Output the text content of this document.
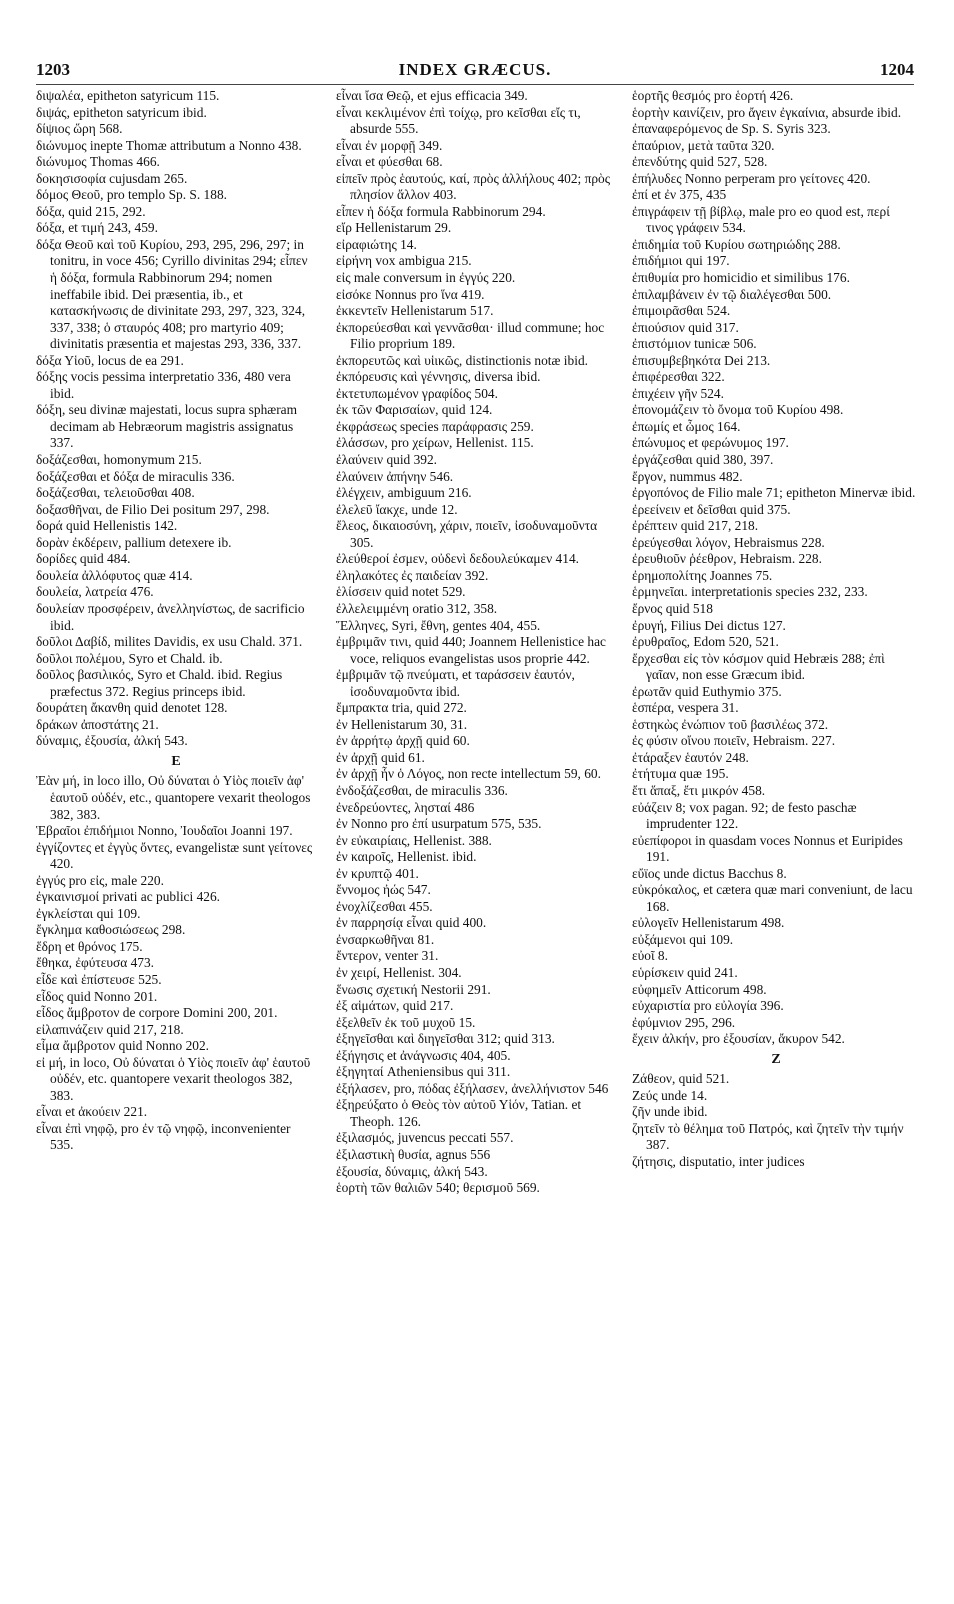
1203	INDEX GRÆCUS.	1204

διψαλέα, epitheton satyricum 115.

διψάς, epitheton satyricum ibid.

δίψιος ὥρη 568.

διώνυμος inepte Thomæ attributum a Nonno 438.

διώνυμος Thomas 466.

δοκησισοφία cujusdam 265.

δόμος Θεοῦ, pro templo Sp. S. 188.

δόξα, quid 215, 292.

δόξα, et τιμή 243, 459.

δόξα Θεοῦ καὶ τοῦ Κυρίου, 293, 295, 296, 297; in tonitru, in voce 456; Cyrillo divinitas 294; εἶπεν ἡ δόξα, formula Rabbinorum 294; nomen ineffabile ibid. Dei præsentia, ib., et κατασκήνωσις de divinitate 293, 297, 323, 324, 337, 338; ὁ σταυρός 408; pro martyrio 409; divinitatis præsentia et majestas 293, 336, 337.

δόξα Υἱοῦ, locus de ea 291.

δόξης vocis pessima interpretatio 336, 480 vera ibid.

δόξη, seu divinæ majestati, locus supra sphæram decimam ab Hebræorum magistris assignatus 337.

δοξάζεσθαι, homonymum 215.

δοξάζεσθαι et δόξα de miraculis 336.

δοξάζεσθαι, τελειοῦσθαι 408.

δοξασθῆναι, de Filio Dei positum 297, 298.

δορά quid Hellenistis 142.

δορὰν ἐκδέρειν, pallium detexere ib.

δορίδες quid 484.

δουλεία ἀλλόφυτος quæ 414.

δουλεία, λατρεία 476.

δουλείαν προσφέρειν, ἀνελληνίστως, de sacrificio ibid.

δοῦλοι Δαβίδ, milites Davidis, ex usu Chald. 371.

δοῦλοι πολέμου, Syro et Chald. ib.

δοῦλος βασιλικός, Syro et Chald. ibid. Regius præfectus 372. Regius princeps ibid.

δουράτεη ἄκανθη quid denotet 128.

δράκων ἀποστάτης 21.

δύναμις, ἐξουσία, ἀλκή 543.

E

Ἐὰν μή, in loco illo, Οὐ δύναται ὁ Υἱὸς ποιεῖν ἀφ' ἑαυτοῦ οὐδέν, etc., quantopere vexarit theologos 382, 383.

Ἑβραῖοι ἐπιδήμιοι Nonno, Ἰουδαῖοι Joanni 197.

ἐγγίζοντες et ἐγγὺς ὄντες, evangelistæ sunt γείτονες 420.

ἐγγύς pro εἰς, male 220.

ἐγκαινισμοί privati ac publici 426.

ἐγκλείσται qui 109.

ἔγκλημα καθοσιώσεως 298.

ἕδρη et θρόνος 175.

ἔθηκα, ἐφύτευσα 473.

εἶδε καὶ ἐπίστευσε 525.

εἶδος quid Nonno 201.

εἶδος ἄμβροτον de corpore Domini 200, 201.

εἰλαπινάζειν quid 217, 218.

εἷμα ἄμβροτον quid Nonno 202.

εἰ μή, in loco, Οὐ δύναται ὁ Υἱὸς ποιεῖν ἀφ' ἑαυτοῦ οὐδέν, etc. quantopere vexarit theologos 382, 383.

εἶναι et ἀκούειν 221.

εἶναι ἐπὶ νηφῷ, pro ἐν τῷ νηφῷ, inconvenienter 535.

εἶναι ἴσα Θεῷ, et ejus efficacia 349.

εἶναι κεκλιμένον ἐπὶ τοίχῳ, pro κεῖσθαι εἴς τι, absurde 555.

εἶναι ἐν μορφῇ 349.

εἶναι et φύεσθαι 68.

εἰπεῖν πρὸς ἑαυτούς, καί, πρὸς ἀλλήλους 402; πρὸς πλησίον ἄλλον 403.

εἶπεν ἡ δόξα formula Rabbinorum 294.

εἴρ Hellenistarum 29.

εἰραφιώτης 14.

εἰρήνη vox ambigua 215.

εἰς male conversum in ἐγγύς 220.

εἰσόκε Nonnus pro ἵνα 419.

ἐκκεντεῖν Hellenistarum 517.

ἐκπορεύεσθαι καὶ γεννᾶσθαι· illud commune; hoc Filio proprium 189.

ἐκπορευτῶς καὶ υἱικῶς, distinctionis notæ ibid.

ἐκπόρευσις καὶ γέννησις, diversa ibid.

ἐκτετυπωμένον γραφίδος 504.

ἐκ τῶν Φαρισαίων, quid 124.

ἐκφράσεως species παράφρασις 259.

ἐλάσσων, pro χείρων, Hellenist. 115.

ἐλαύνειν quid 392.

ἐλαύνειν ἀπήνην 546.

ἐλέγχειν, ambiguum 216.

ἐλελεῦ ἴακχε, unde 12.

ἔλεος, δικαιοσύνη, χάριν, ποιεῖν, ἰσοδυναμοῦντα 305.

ἐλεύθεροί ἐσμεν, οὐδενὶ δεδουλεύκαμεν 414.

ἐληλακότες ἐς παιδείαν 392.

ἑλίσσειν quid notet 529.

ἐλλελειμμένη oratio 312, 358.

Ἕλληνες, Syri, ἔθνη, gentes 404, 455.

ἐμβριμᾶν τινι, quid 440; Joannem Hellenistice hac voce, reliquos evangelistas usos proprie 442.

ἐμβριμᾶν τῷ πνεύματι, et ταράσσειν ἑαυτόν, ἰσοδυναμοῦντα ibid.

ἔμπρακτα tria, quid 272.

ἐν Hellenistarum 30, 31.

ἐν ἀρρήτῳ ἀρχῇ quid 60.

ἐν ἀρχῇ quid 61.

ἐν ἀρχῇ ἦν ὁ Λόγος, non recte intellectum 59, 60.

ἐνδοξάζεσθαι, de miraculis 336.

ἐνεδρεύοντες, λησταί 486

ἐν Nonno pro ἐπί usurpatum 575, 535.

ἐν εὐκαιρίαις, Hellenist. 388.

ἐν καιροῖς, Hellenist. ibid.

ἐν κρυπτῷ 401.

ἔννομος ἠώς 547.

ἐνοχλίζεσθαι 455.

ἐν παρρησίᾳ εἶναι quid 400.

ἐνσαρκωθῆναι 81.

ἔντερον, venter 31.

ἐν χειρί, Hellenist. 304.

ἕνωσις σχετική Nestorii 291.

ἐξ αἱμάτων, quid 217.

ἐξελθεῖν ἐκ τοῦ μυχοῦ 15.

ἐξηγεῖσθαι καὶ διηγεῖσθαι 312; quid 313.

ἐξήγησις et ἀνάγνωσις 404, 405.

ἐξηγηταί Atheniensibus qui 311.

ἐξήλασεν, pro, πόδας ἐξήλασεν, ἀνελλήνιστον 546

ἐξηρεύξατο ὁ Θεὸς τὸν αὐτοῦ Υἱόν, Tatian. et Theoph. 126.

ἐξιλασμός, juvencus peccati 557.

ἐξιλαστικὴ θυσία, agnus 556

ἐξουσία, δύναμις, ἀλκή 543.

ἑορτὴ τῶν θαλιῶν 540; θερισμοῦ 569.

ἑορτῆς θεσμός pro ἑορτή 426.

ἑορτὴν καινίζειν, pro ἄγειν ἐγκαίνια, absurde ibid.

ἐπαναφερόμενος de Sp. S. Syris 323.

ἐπαύριον, μετὰ ταῦτα 320.

ἐπενδύτης quid 527, 528.

ἐπήλυδες Nonno perperam pro γείτονες 420.

ἐπί et ἐν 375, 435

ἐπιγράφειν τῇ βίβλῳ, male pro eo quod est, περί τινος γράφειν 534.

ἐπιδημία τοῦ Κυρίου σωτηριώδης 288.

ἐπιδήμιοι qui 197.

ἐπιθυμία pro homicidio et similibus 176.

ἐπιλαμβάνειν ἐν τῷ διαλέγεσθαι 500.

ἐπιμοιρᾶσθαι 524.

ἐπιούσιον quid 317.

ἐπιστόμιον tunicæ 506.

ἐπισυμβεβηκότα Dei 213.

ἐπιφέρεσθαι 322.

ἐπιχέειν γῆν 524.

ἐπονομάζειν τὸ ὄνομα τοῦ Κυρίου 498.

ἐπωμίς et ὦμος 164.

ἐπώνυμος et φερώνυμος 197.

ἐργάζεσθαι quid 380, 397.

ἔργον, nummus 482.

ἐργοπόνος de Filio male 71; epitheton Minervæ ibid.

ἐρεείνειν et δεῖσθαι quid 375.

ἐρέπτειν quid 217, 218.

ἐρεύγεσθαι λόγον, Hebraismus 228.

ἐρευθιοῦν ῥέεθρον, Hebraism. 228.

ἐρημοπολίτης Joannes 75.

ἑρμηνεῖαι. interpretationis species 232, 233.

ἔρνος quid 518

ἐρυγή, Filius Dei dictus 127.

ἐρυθραῖος, Edom 520, 521.

ἔρχεσθαι εἰς τὸν κόσμον quid Hebræis 288; ἐπὶ γαῖαν, non esse Græcum ibid.

ἐρωτᾶν quid Euthymio 375.

ἑσπέρα, vespera 31.

ἑστηκὼς ἐνώπιον τοῦ βασιλέως 372.

ἐς φύσιν οἴνου ποιεῖν, Hebraism. 227.

ἐτάραξεν ἑαυτόν 248.

ἐτήτυμα quæ 195.

ἔτι ἅπαξ, ἔτι μικρόν 458.

εὐάζειν 8; vox pagan. 92; de festo paschæ imprudenter 122.

εὐεπίφοροι in quasdam voces Nonnus et Euripides 191.

εὔϊος unde dictus Bacchus 8.

εὐκρόκαλος, et cætera quæ mari conveniunt, de lacu 168.

εὐλογεῖν Hellenistarum 498.

εὐξάμενοι qui 109.

εὐοῖ 8.

εὑρίσκειν quid 241.

εὐφημεῖν Atticorum 498.

εὐχαριστία pro εὐλογία 396.

ἐφύμνιον 295, 296.

ἔχειν ἀλκήν, pro ἐξουσίαν, ἄκυρον 542.

Z

Ζάθεον, quid 521.

Ζεύς unde 14.

ζῆν unde ibid.

ζητεῖν τὸ θέλημα τοῦ Πατρός, καὶ ζητεῖν τὴν τιμήν 387.

ζήτησις, disputatio, inter judices
